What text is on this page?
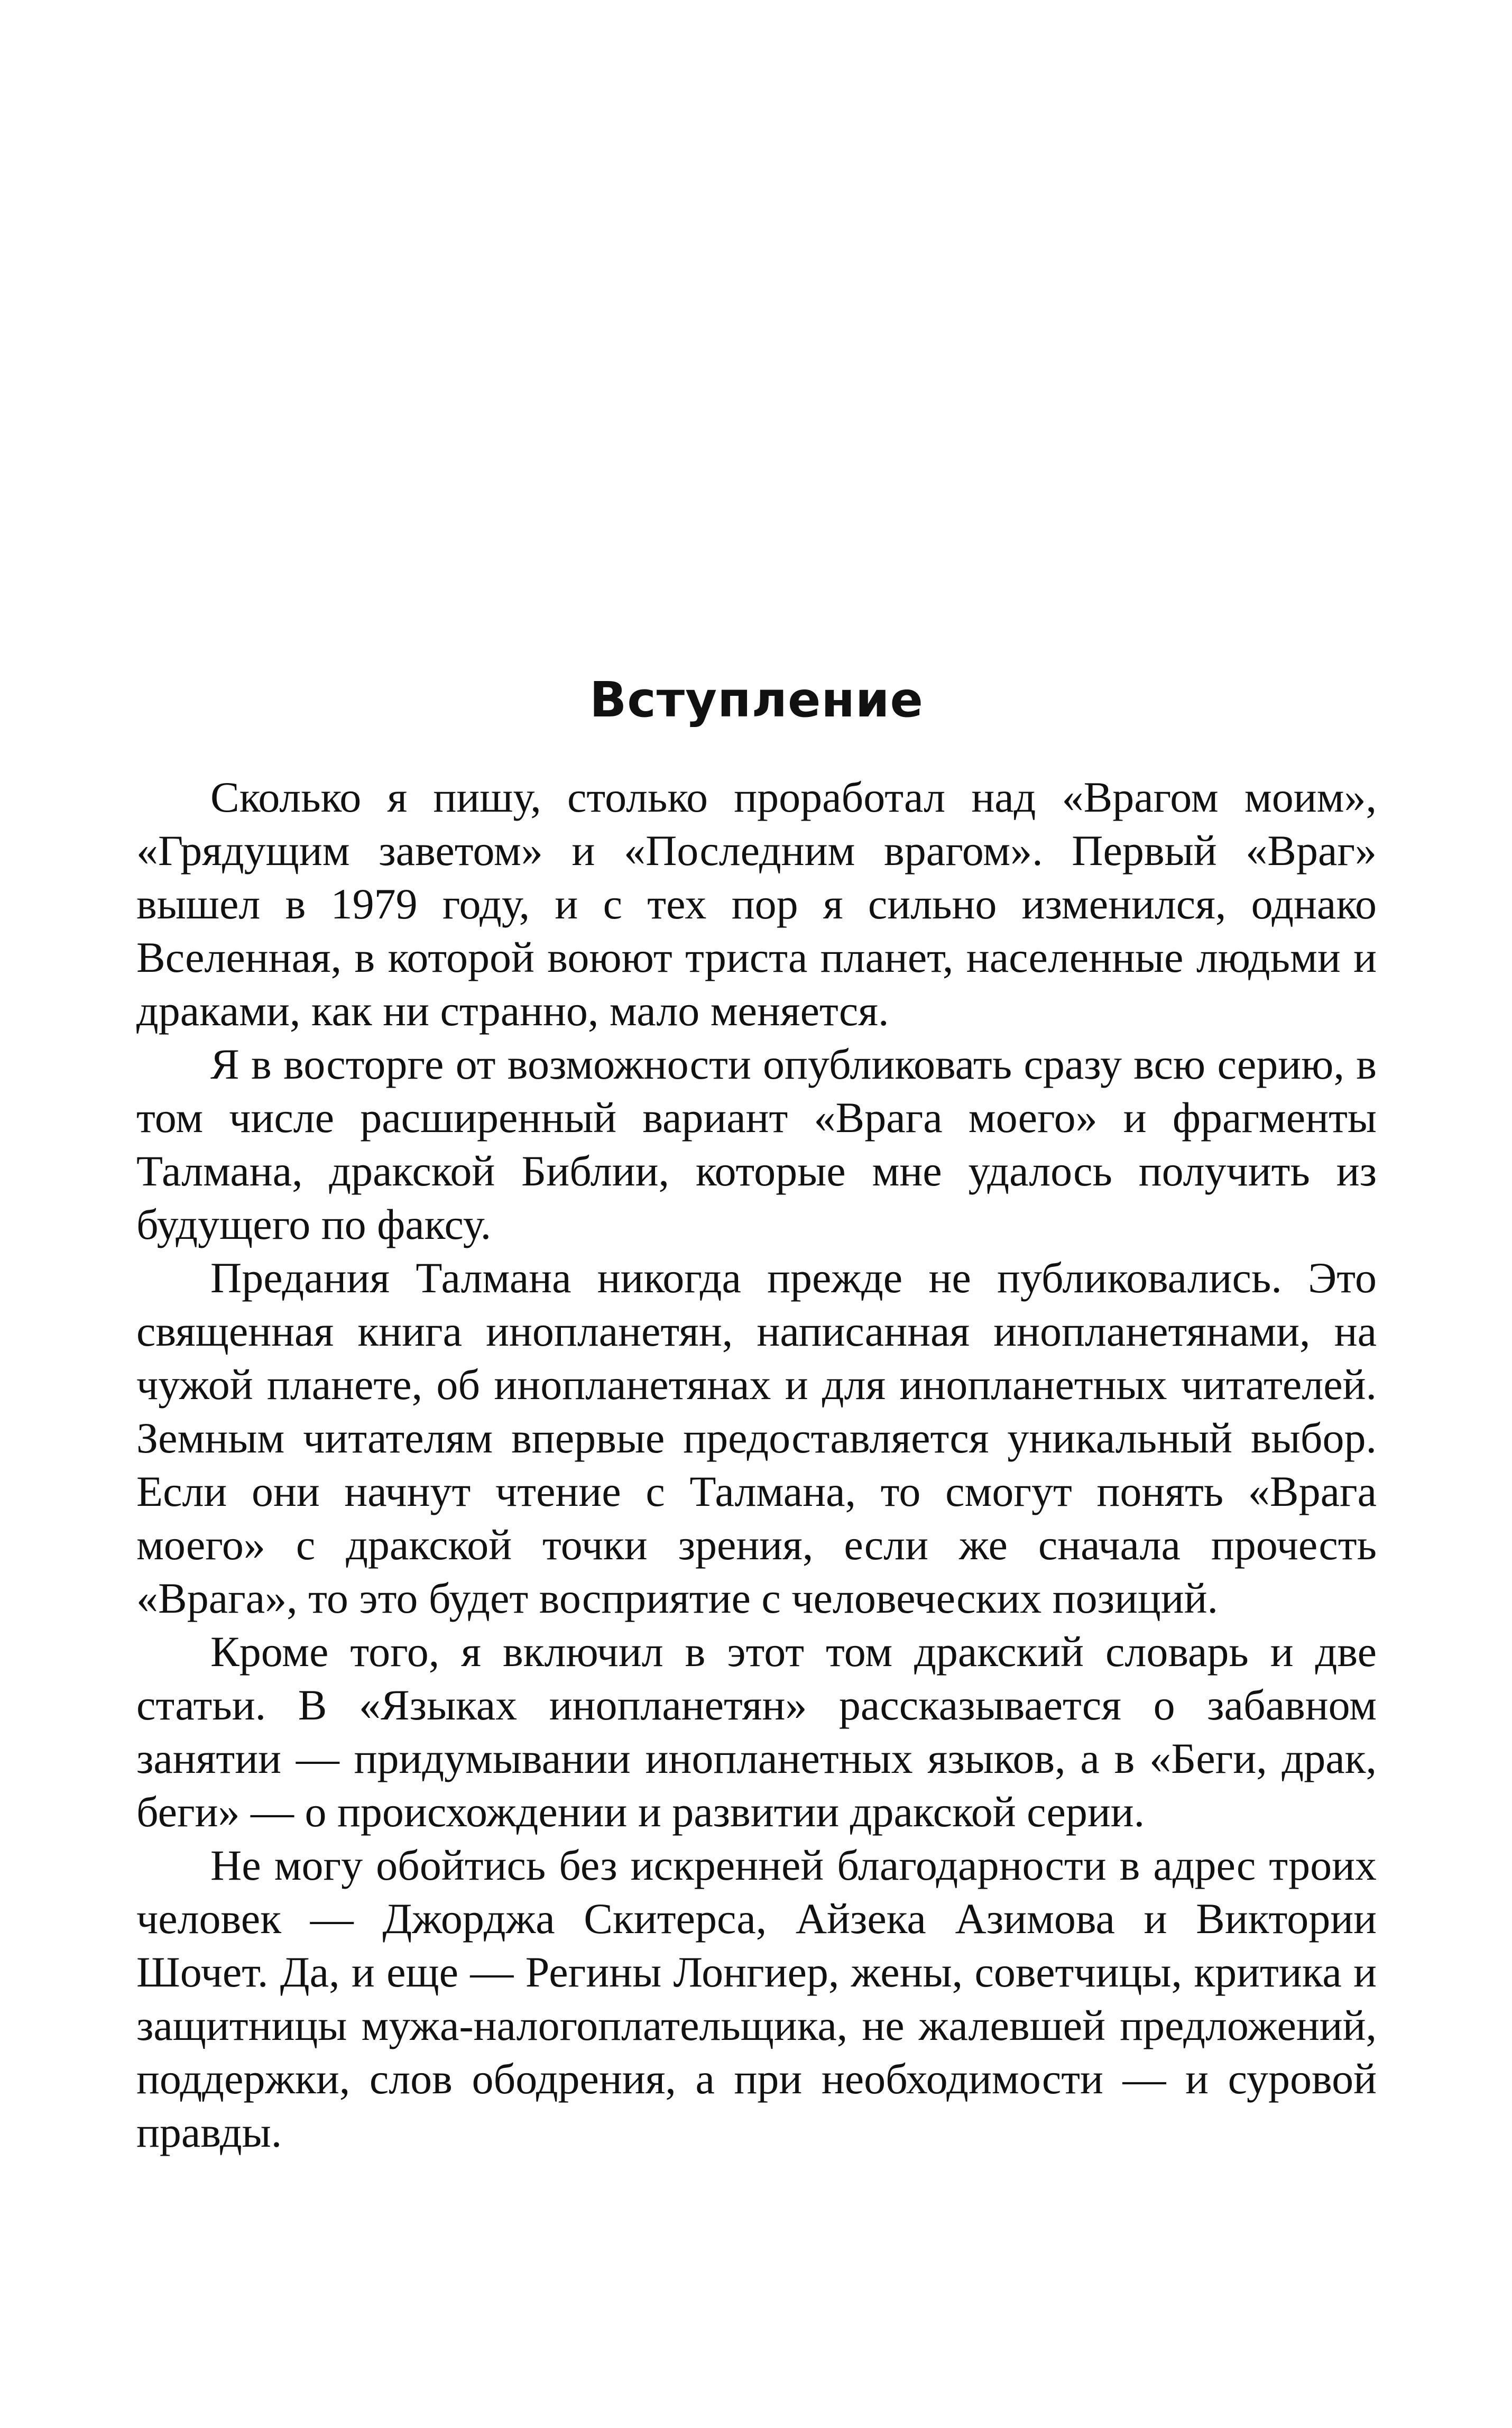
Вступление

Сколько я пишу, столько проработал над «Врагом моим», «Грядущим заветом» и «Последним врагом». Первый «Враг» вышел в 1979 году, и с тех пор я сильно изменился, однако Вселенная, в которой воюют триста планет, населенные людьми и драками, как ни странно, мало меняется.

Я в восторге от возможности опубликовать сразу всю серию, в том числе расширенный вариант «Врага моего» и фрагменты Талмана, дракской Библии, которые мне удалось получить из будущего по факсу.

Предания Талмана никогда прежде не публиковались. Это священная книга инопланетян, написанная инопланетянами, на чужой планете, об инопланетянах и для инопланетных читателей. Земным читателям впервые предоставляется уникальный выбор. Если они начнут чтение с Талмана, то смогут понять «Врага моего» с дракской точки зрения, если же сначала прочесть «Врага», то это будет восприятие с человеческих позиций.

Кроме того, я включил в этот том дракский словарь и две статьи. В «Языках инопланетян» рассказывается о забавном занятии — придумывании инопланетных языков, а в «Беги, драк, беги» — о происхождении и развитии дракской серии.

Не могу обойтись без искренней благодарности в адрес троих человек — Джорджа Скитерса, Айзека Азимова и Виктории Шочет. Да, и еще — Регины Лонгиер, жены, советчицы, критика и защитницы мужа-налогоплательщика, не жалевшей предложений, поддержки, слов ободрения, а при необходимости — и суровой правды.
